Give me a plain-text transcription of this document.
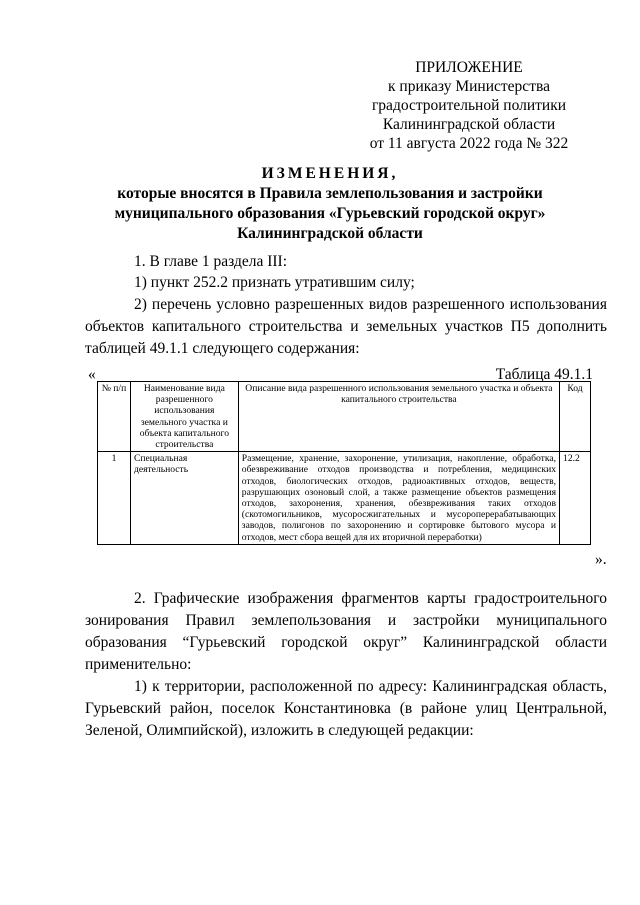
ПРИЛОЖЕНИЕ
к приказу Министерства
градостроительной политики
Калининградской области
от 11 августа 2022 года № 322
ИЗМЕНЕНИЯ,
которые вносятся в Правила землепользования и застройки
муниципального образования «Гурьевский городской округ»
Калининградской области
1. В главе 1 раздела III:
1) пункт 252.2 признать утратившим силу;
2) перечень условно разрешенных видов разрешенного использования объектов капитального строительства и земельных участков П5 дополнить таблицей 49.1.1 следующего содержания:
«	Таблица 49.1.1
№ п/п	Наименование вида разрешенного использования земельного участка и объекта капитального строительства	Описание вида разрешенного использования земельного участка и объекта капитального строительства	Код
1	Специальная деятельность	Размещение, хранение, захоронение, утилизация, накопление, обработка, обезвреживание отходов производства и потребления, медицинских отходов, биологических отходов, радиоактивных отходов, веществ, разрушающих озоновый слой, а также размещение объектов размещения отходов, захоронения, хранения, обезвреживания таких отходов (скотомогильников, мусоросжигательных и мусороперерабатывающих заводов, полигонов по захоронению и сортировке бытового мусора и отходов, мест сбора вещей для их вторичной переработки)	12.2
».
2. Графические изображения фрагментов карты градостроительного зонирования Правил землепользования и застройки муниципального образования “Гурьевский городской округ” Калининградской области применительно:
1) к территории, расположенной по адресу: Калининградская область, Гурьевский район, поселок Константиновка (в районе улиц Центральной, Зеленой, Олимпийской), изложить в следующей редакции:
